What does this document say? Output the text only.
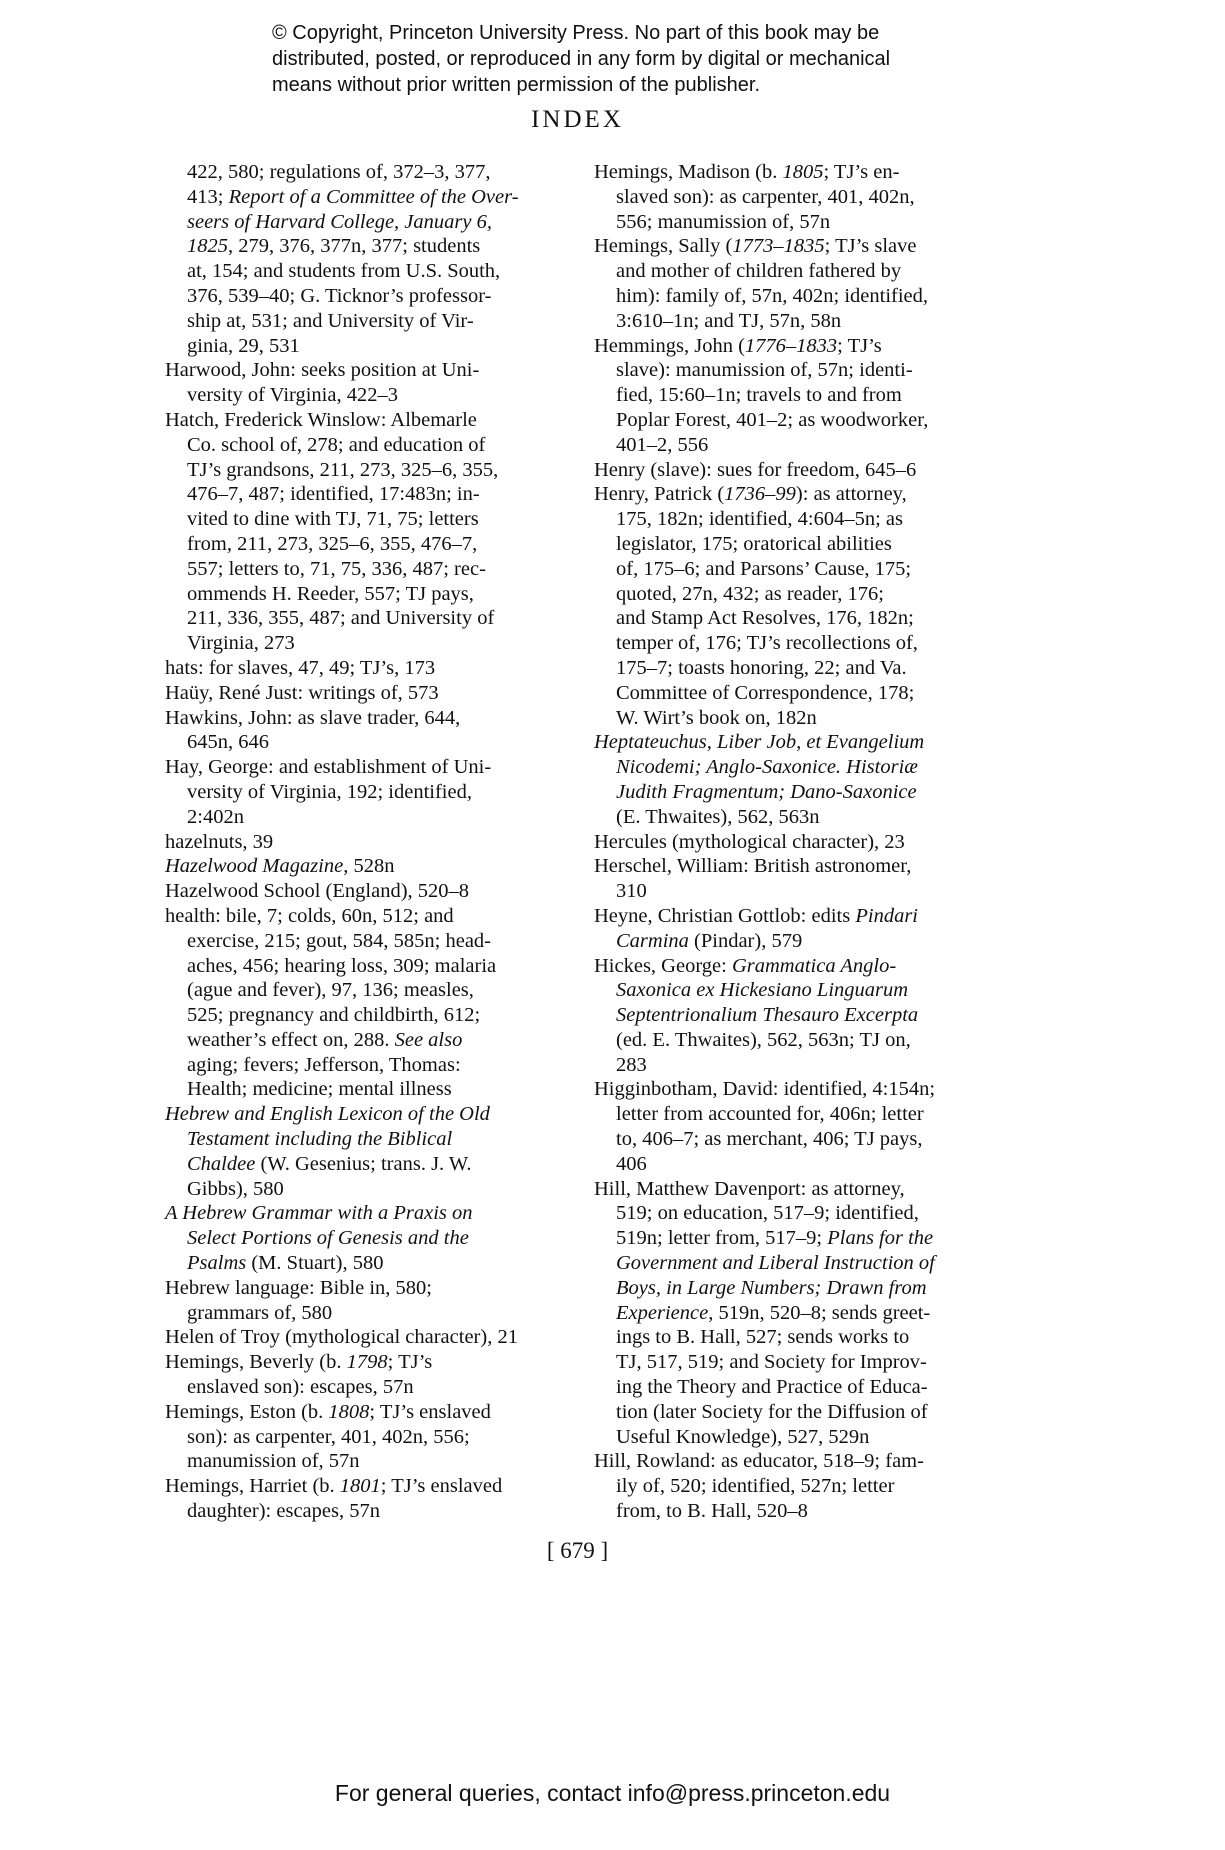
© Copyright, Princeton University Press. No part of this book may be
distributed, posted, or reproduced in any form by digital or mechanical
means without prior written permission of the publisher.
INDEX
422, 580; regulations of, 372–3, 377,
413; Report of a Committee of the Over-
seers of Harvard College, January 6,
1825, 279, 376, 377n, 377; students
at, 154; and students from U.S. South,
376, 539–40; G. Ticknor’s professor-
ship at, 531; and University of Vir-
ginia, 29, 531
Harwood, John: seeks position at Uni-
versity of Virginia, 422–3
Hatch, Frederick Winslow: Albemarle
Co. school of, 278; and education of
TJ’s grandsons, 211, 273, 325–6, 355,
476–7, 487; identified, 17:483n; in-
vited to dine with TJ, 71, 75; letters
from, 211, 273, 325–6, 355, 476–7,
557; letters to, 71, 75, 336, 487; rec-
ommends H. Reeder, 557; TJ pays,
211, 336, 355, 487; and University of
Virginia, 273
hats: for slaves, 47, 49; TJ’s, 173
Haüy, René Just: writings of, 573
Hawkins, John: as slave trader, 644,
645n, 646
Hay, George: and establishment of Uni-
versity of Virginia, 192; identified,
2:402n
hazelnuts, 39
Hazelwood Magazine, 528n
Hazelwood School (England), 520–8
health: bile, 7; colds, 60n, 512; and
exercise, 215; gout, 584, 585n; head-
aches, 456; hearing loss, 309; malaria
(ague and fever), 97, 136; measles,
525; pregnancy and childbirth, 612;
weather’s effect on, 288. See also
aging; fevers; Jefferson, Thomas:
Health; medicine; mental illness
Hebrew and English Lexicon of the Old
Testament including the Biblical
Chaldee (W. Gesenius; trans. J. W.
Gibbs), 580
A Hebrew Grammar with a Praxis on
Select Portions of Genesis and the
Psalms (M. Stuart), 580
Hebrew language: Bible in, 580;
grammars of, 580
Helen of Troy (mythological character), 21
Hemings, Beverly (b. 1798; TJ’s
enslaved son): escapes, 57n
Hemings, Eston (b. 1808; TJ’s enslaved
son): as carpenter, 401, 402n, 556;
manumission of, 57n
Hemings, Harriet (b. 1801; TJ’s enslaved
daughter): escapes, 57n
Hemings, Madison (b. 1805; TJ’s en-
slaved son): as carpenter, 401, 402n,
556; manumission of, 57n
Hemings, Sally (1773–1835; TJ’s slave
and mother of children fathered by
him): family of, 57n, 402n; identified,
3:610–1n; and TJ, 57n, 58n
Hemmings, John (1776–1833; TJ’s
slave): manumission of, 57n; identi-
fied, 15:60–1n; travels to and from
Poplar Forest, 401–2; as woodworker,
401–2, 556
Henry (slave): sues for freedom, 645–6
Henry, Patrick (1736–99): as attorney,
175, 182n; identified, 4:604–5n; as
legislator, 175; oratorical abilities
of, 175–6; and Parsons’ Cause, 175;
quoted, 27n, 432; as reader, 176;
and Stamp Act Resolves, 176, 182n;
temper of, 176; TJ’s recollections of,
175–7; toasts honoring, 22; and Va.
Committee of Correspondence, 178;
W. Wirt’s book on, 182n
Heptateuchus, Liber Job, et Evangelium
Nicodemi; Anglo-Saxonice. Historiæ
Judith Fragmentum; Dano-Saxonice
(E. Thwaites), 562, 563n
Hercules (mythological character), 23
Herschel, William: British astronomer,
310
Heyne, Christian Gottlob: edits Pindari
Carmina (Pindar), 579
Hickes, George: Grammatica Anglo-
Saxonica ex Hickesiano Linguarum
Septentrionalium Thesauro Excerpta
(ed. E. Thwaites), 562, 563n; TJ on,
283
Higginbotham, David: identified, 4:154n;
letter from accounted for, 406n; letter
to, 406–7; as merchant, 406; TJ pays,
406
Hill, Matthew Davenport: as attorney,
519; on education, 517–9; identified,
519n; letter from, 517–9; Plans for the
Government and Liberal Instruction of
Boys, in Large Numbers; Drawn from
Experience, 519n, 520–8; sends greet-
ings to B. Hall, 527; sends works to
TJ, 517, 519; and Society for Improv-
ing the Theory and Practice of Educa-
tion (later Society for the Diffusion of
Useful Knowledge), 527, 529n
Hill, Rowland: as educator, 518–9; fam-
ily of, 520; identified, 527n; letter
from, to B. Hall, 520–8
[ 679 ]
For general queries, contact info@press.princeton.edu
